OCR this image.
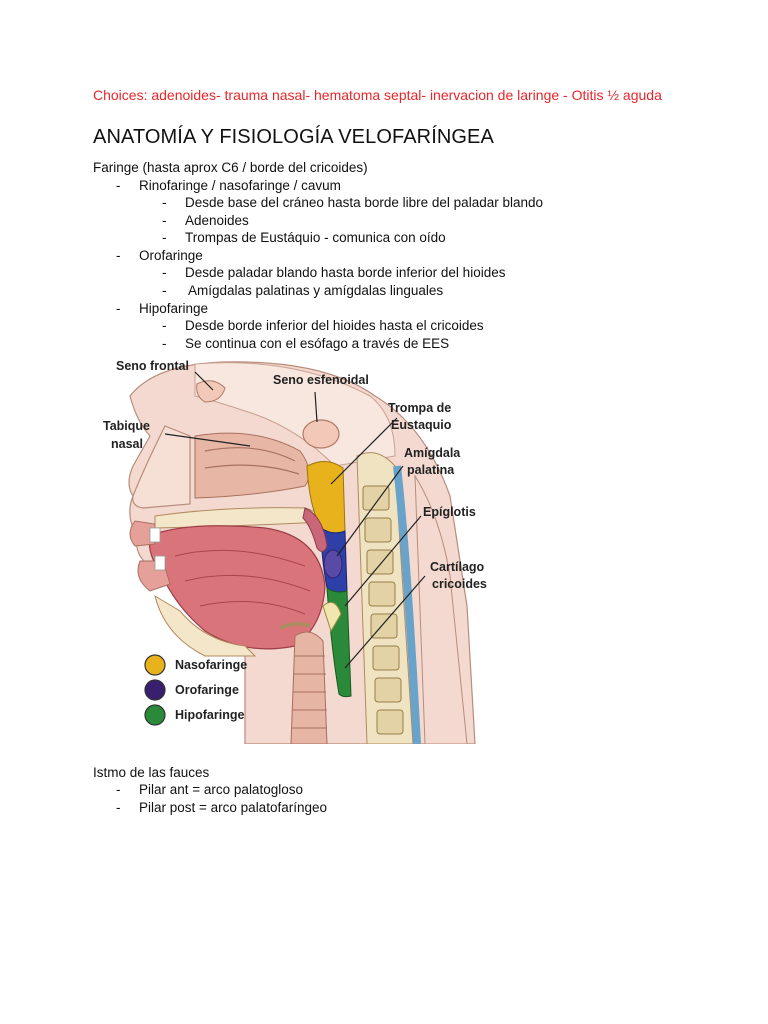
Choices: adenoides- trauma nasal- hematoma septal- inervacion de laringe - Otitis ½ aguda
ANATOMÍA Y FISIOLOGÍA VELOFARÍNGEA
Faringe (hasta aprox C6 / borde del cricoides)
- Rinofaringe / nasofaringe / cavum
- Desde base del cráneo hasta borde libre del paladar blando
- Adenoides
- Trompas de Eustáquio - comunica con oído
- Orofaringe
- Desde paladar blando hasta borde inferior del hioides
- Amígdalas palatinas y amígdalas linguales
- Hipofaringe
- Desde borde inferior del hioides hasta el cricoides
- Se continua con el esófago a través de EES
Seno frontal
Seno esfenoidal
Tabique
nasal
Trompa de
Eustaquio
Amígdala
palatina
Epíglotis
Cartílago
cricoides
Nasofaringe
Orofaringe
Hipofaringe
Istmo de las fauces
- Pilar ant = arco palatogloso
- Pilar post = arco palatofaríngeo
